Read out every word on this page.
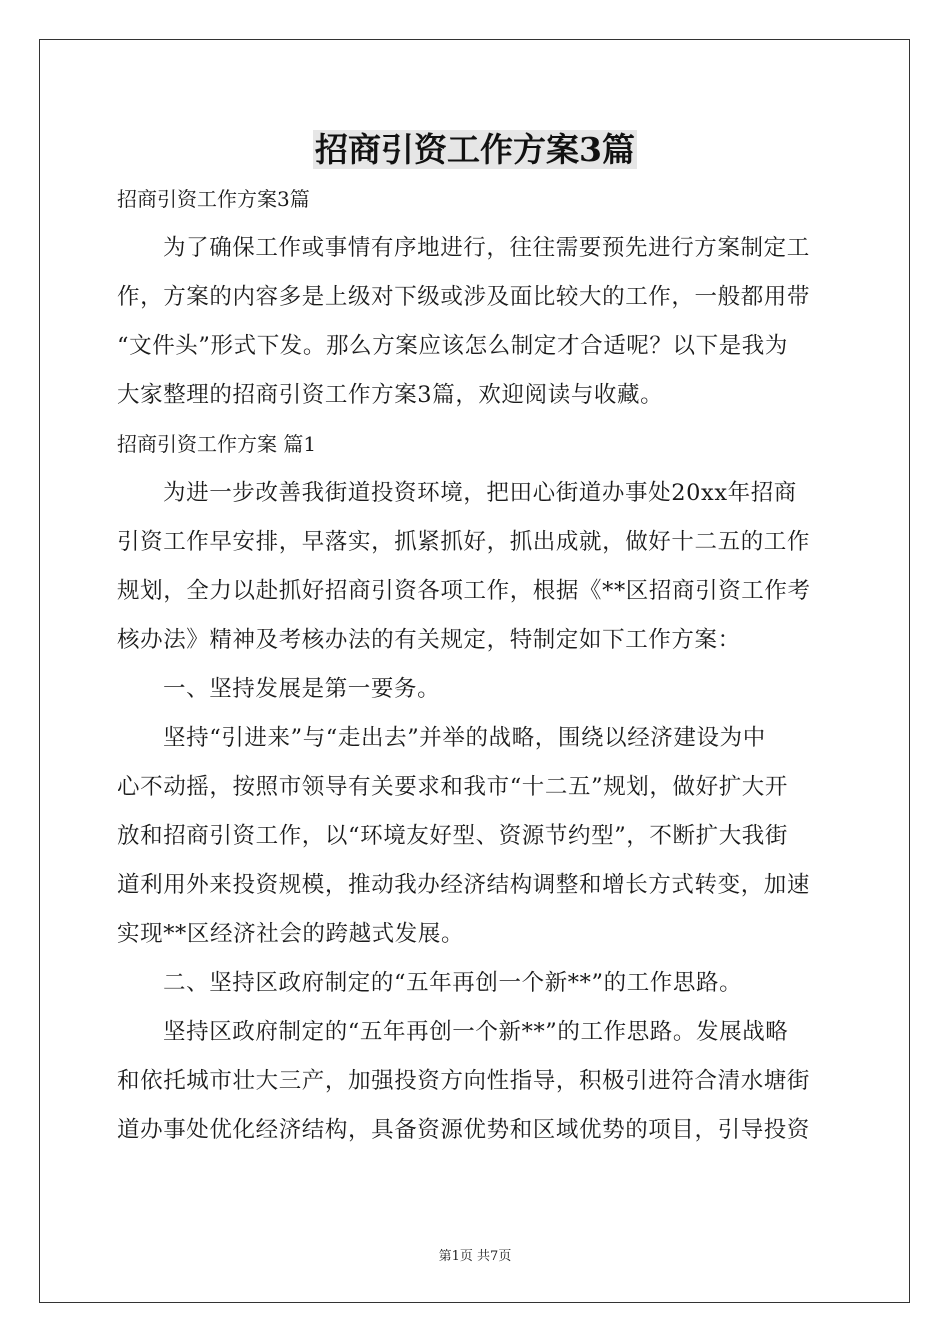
招商引资工作方案3篇

招商引资工作方案3篇

为了确保工作或事情有序地进行，往往需要预先进行方案制定工

作，方案的内容多是上级对下级或涉及面比较大的工作，一般都用带

“文件头”形式下发。那么方案应该怎么制定才合适呢？以下是我为

大家整理的招商引资工作方案3篇，欢迎阅读与收藏。

招商引资工作方案 篇1

为进一步改善我街道投资环境，把田心街道办事处20xx年招商

引资工作早安排，早落实，抓紧抓好，抓出成就，做好十二五的工作

规划，全力以赴抓好招商引资各项工作，根据《**区招商引资工作考

核办法》精神及考核办法的有关规定，特制定如下工作方案：

一、坚持发展是第一要务。

坚持“引进来”与“走出去”并举的战略，围绕以经济建设为中

心不动摇，按照市领导有关要求和我市“十二五”规划，做好扩大开

放和招商引资工作，以“环境友好型、资源节约型”，不断扩大我街

道利用外来投资规模，推动我办经济结构调整和增长方式转变，加速

实现**区经济社会的跨越式发展。

二、坚持区政府制定的“五年再创一个新**”的工作思路。

坚持区政府制定的“五年再创一个新**”的工作思路。发展战略

和依托城市壮大三产，加强投资方向性指导，积极引进符合清水塘街

道办事处优化经济结构，具备资源优势和区域优势的项目，引导投资

第1页 共7页
